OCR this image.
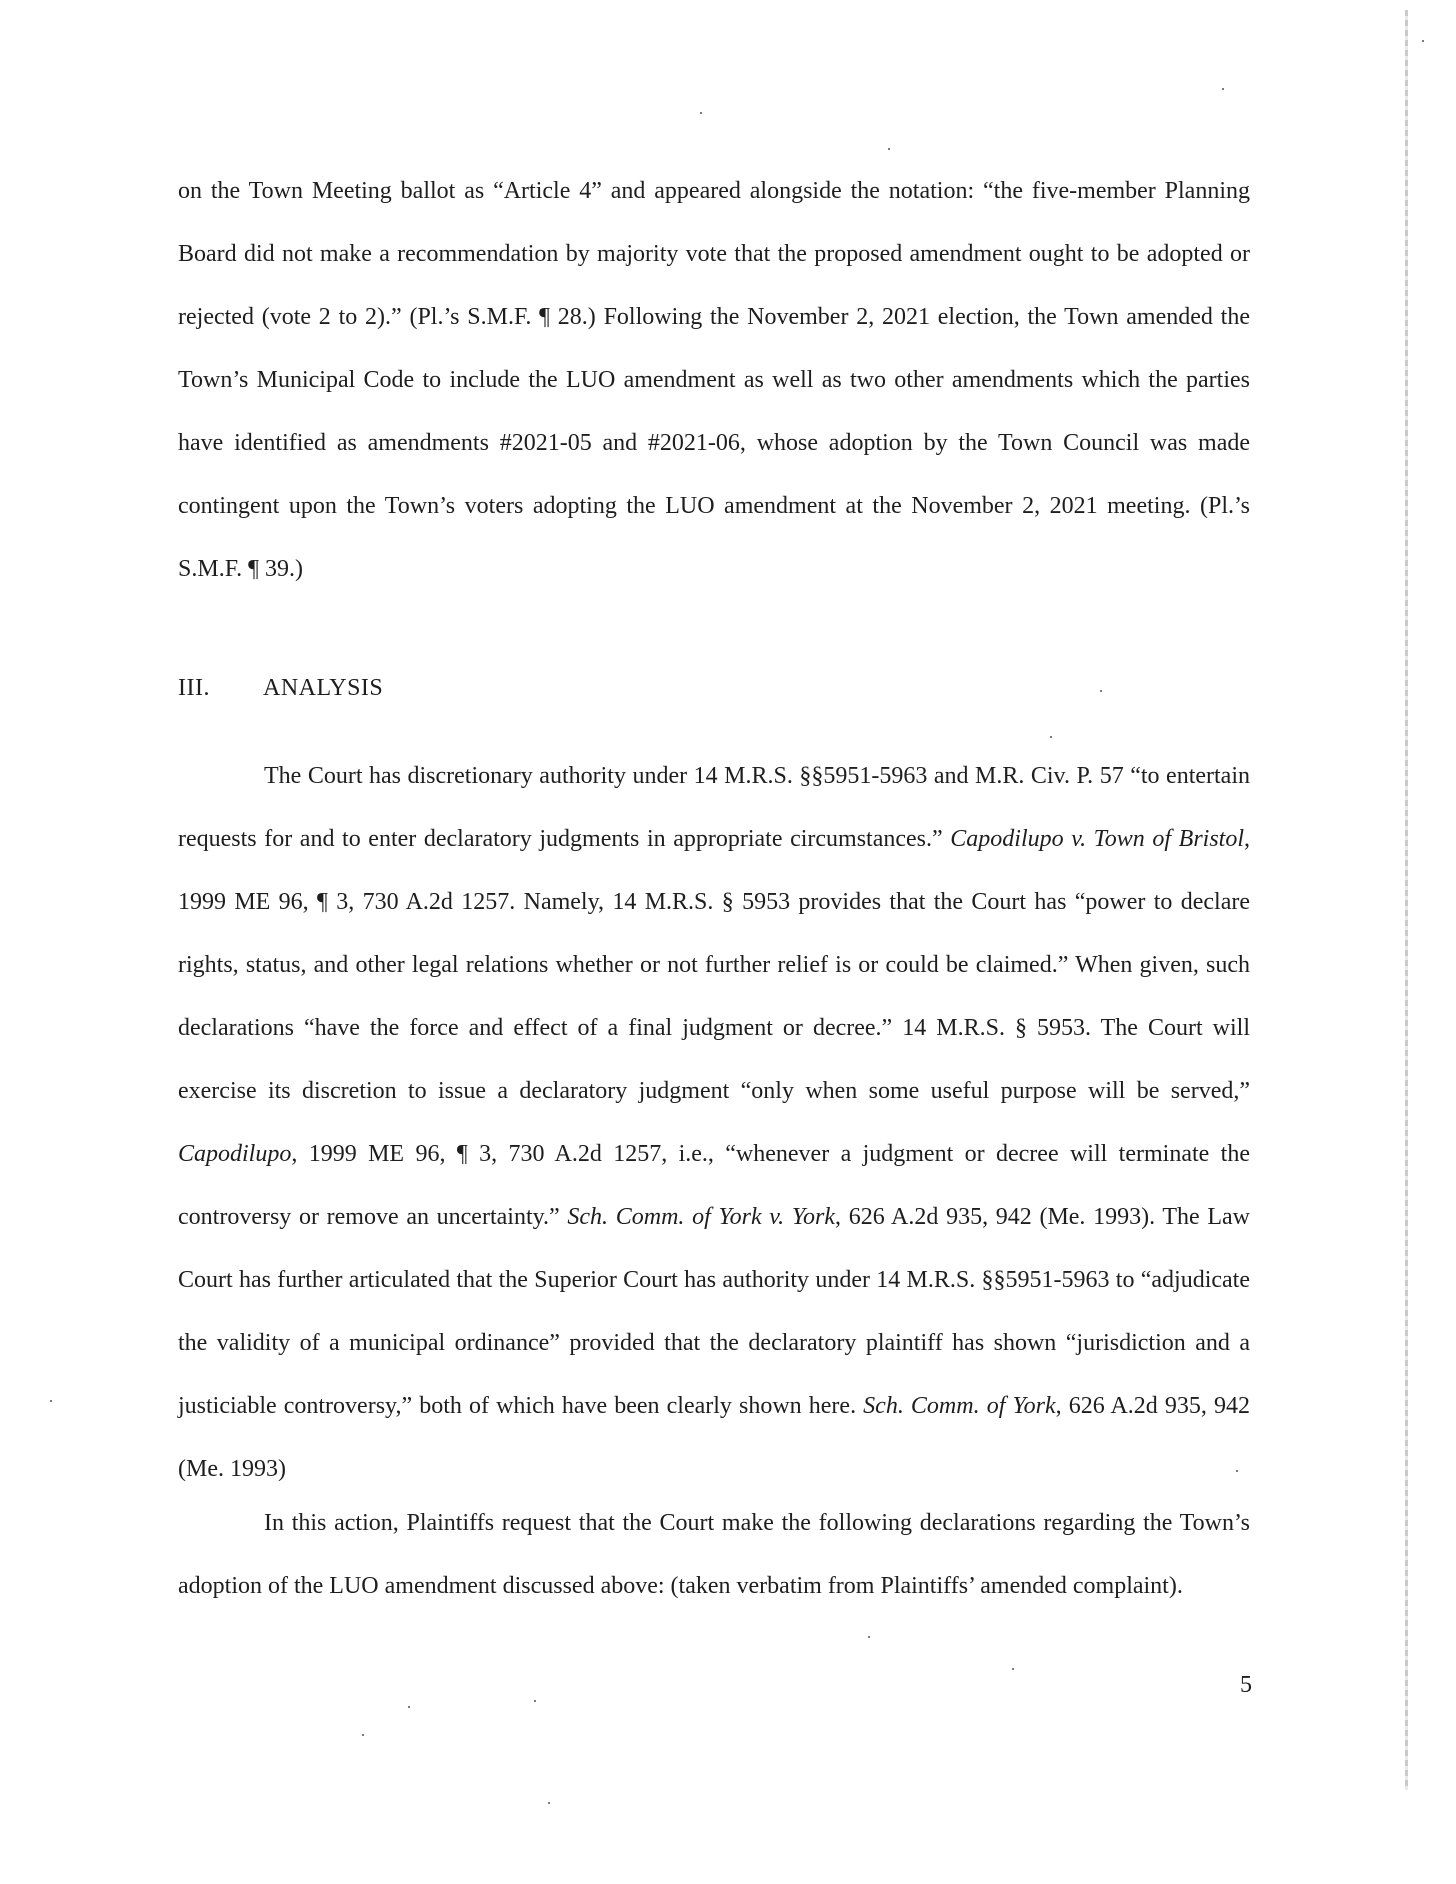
on the Town Meeting ballot as “Article 4” and appeared alongside the notation: “the five-member Planning Board did not make a recommendation by majority vote that the proposed amendment ought to be adopted or rejected (vote 2 to 2).” (Pl.’s S.M.F. ¶ 28.) Following the November 2, 2021 election, the Town amended the Town’s Municipal Code to include the LUO amendment as well as two other amendments which the parties have identified as amendments #2021-05 and #2021-06, whose adoption by the Town Council was made contingent upon the Town’s voters adopting the LUO amendment at the November 2, 2021 meeting. (Pl.’s S.M.F. ¶ 39.)
III. ANALYSIS
The Court has discretionary authority under 14 M.R.S. §§5951-5963 and M.R. Civ. P. 57 “to entertain requests for and to enter declaratory judgments in appropriate circumstances.” Capodilupo v. Town of Bristol, 1999 ME 96, ¶ 3, 730 A.2d 1257. Namely, 14 M.R.S. § 5953 provides that the Court has “power to declare rights, status, and other legal relations whether or not further relief is or could be claimed.” When given, such declarations “have the force and effect of a final judgment or decree.” 14 M.R.S. § 5953. The Court will exercise its discretion to issue a declaratory judgment “only when some useful purpose will be served,” Capodilupo, 1999 ME 96, ¶ 3, 730 A.2d 1257, i.e., “whenever a judgment or decree will terminate the controversy or remove an uncertainty.” Sch. Comm. of York v. York, 626 A.2d 935, 942 (Me. 1993). The Law Court has further articulated that the Superior Court has authority under 14 M.R.S. §§5951-5963 to “adjudicate the validity of a municipal ordinance” provided that the declaratory plaintiff has shown “jurisdiction and a justiciable controversy,” both of which have been clearly shown here. Sch. Comm. of York, 626 A.2d 935, 942 (Me. 1993)
In this action, Plaintiffs request that the Court make the following declarations regarding the Town’s adoption of the LUO amendment discussed above: (taken verbatim from Plaintiffs’ amended complaint).
5
